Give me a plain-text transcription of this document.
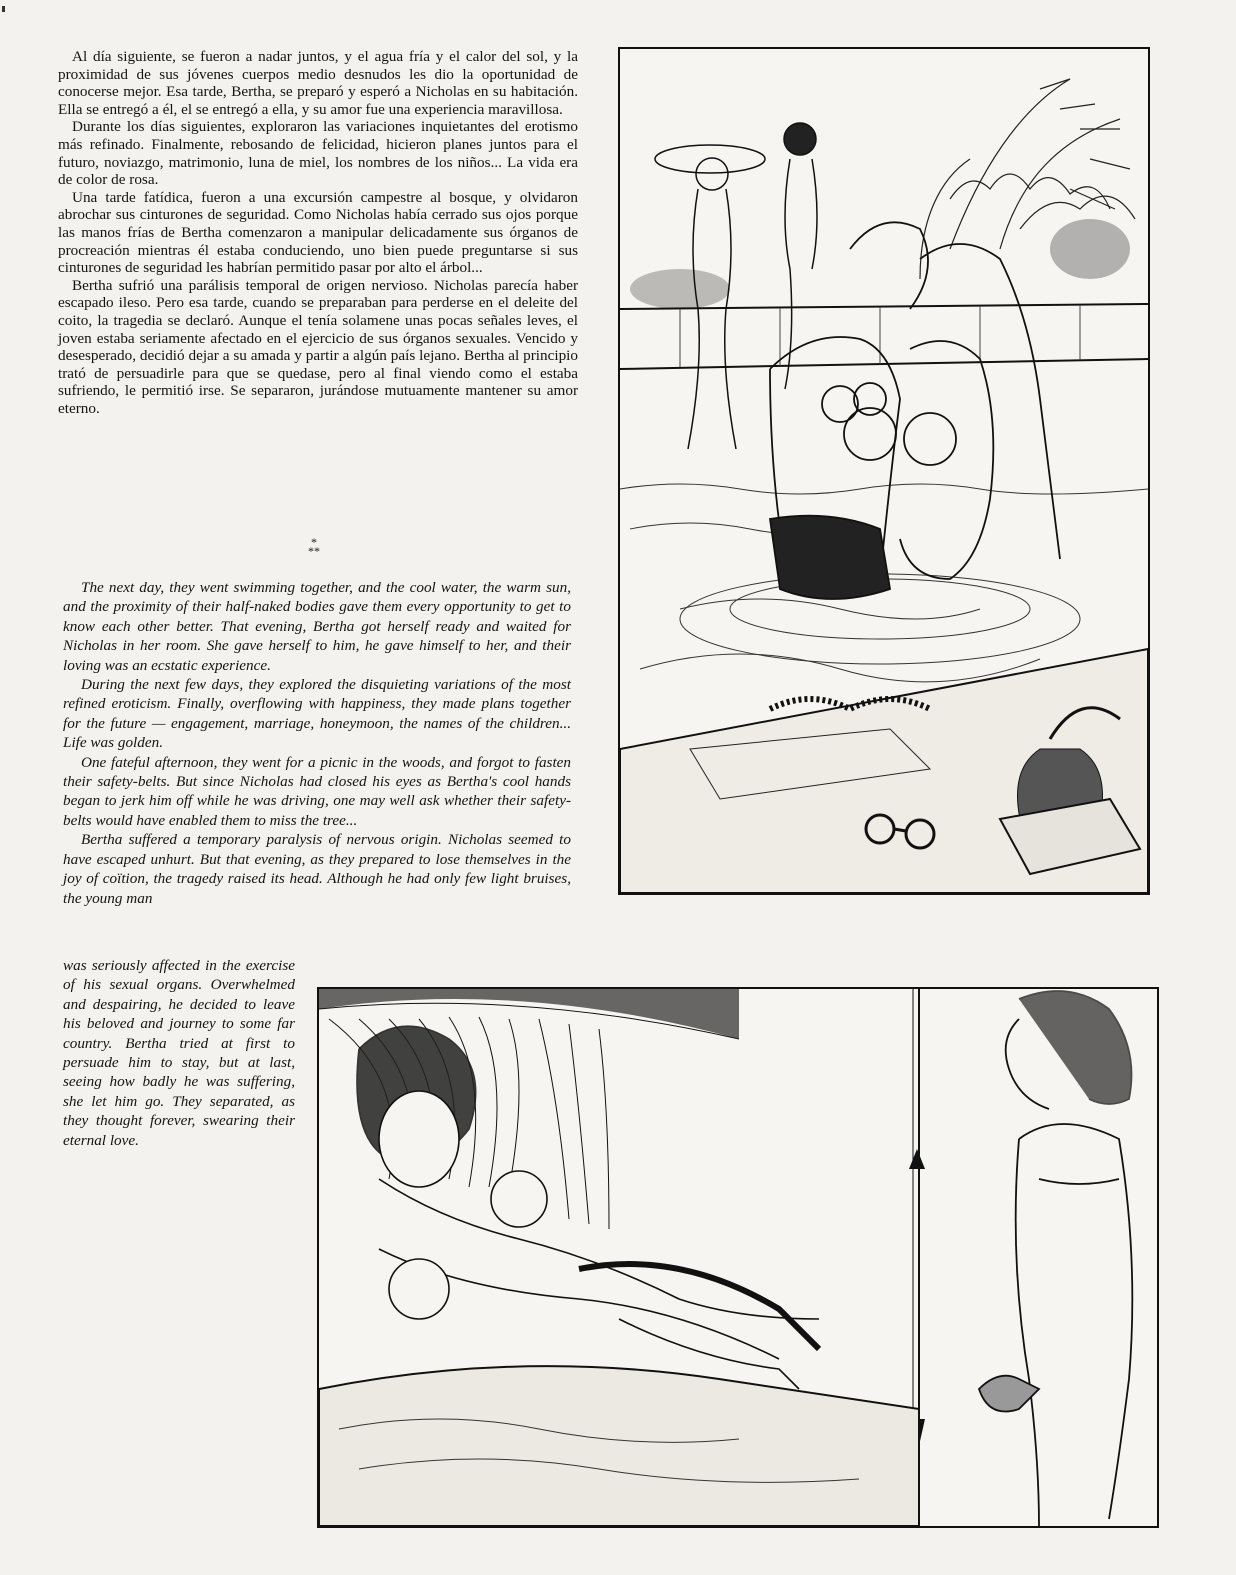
Al día siguiente, se fueron a nadar juntos, y el agua fría y el calor del sol, y la proximidad de sus jóvenes cuerpos medio desnudos les dio la oportunidad de conocerse mejor. Esa tarde, Bertha, se preparó y esperó a Nicholas en su habitación. Ella se entregó a él, el se entregó a ella, y su amor fue una experiencia maravillosa.

Durante los días siguientes, exploraron las variaciones inquietantes del erotismo más refinado. Finalmente, rebosando de felicidad, hicieron planes juntos para el futuro, noviazgo, matrimonio, luna de miel, los nombres de los niños... La vida era de color de rosa.

Una tarde fatídica, fueron a una excursión campestre al bosque, y olvidaron abrochar sus cinturones de seguridad. Como Nicholas había cerrado sus ojos porque las manos frías de Bertha comenzaron a manipular delicadamente sus órganos de procreación mientras él estaba conduciendo, uno bien puede preguntarse si sus cinturones de seguridad les habrían permitido pasar por alto el árbol...

Bertha sufrió una parálisis temporal de origen nervioso. Nicholas parecía haber escapado ileso. Pero esa tarde, cuando se preparaban para perderse en el deleite del coito, la tragedia se declaró. Aunque el tenía solamene unas pocas señales leves, el joven estaba seriamente afectado en el ejercicio de sus órganos sexuales. Vencido y desesperado, decidió dejar a su amada y partir a algún país lejano. Bertha al principio trató de persuadirle para que se quedase, pero al final viendo como el estaba sufriendo, le permitió irse. Se separaron, jurándose mutuamente mantener su amor eterno.

* **

The next day, they went swimming together, and the cool water, the warm sun, and the proximity of their half-naked bodies gave them every opportunity to get to know each other better. That evening, Bertha got herself ready and waited for Nicholas in her room. She gave herself to him, he gave himself to her, and their loving was an ecstatic experience.

During the next few days, they explored the disquieting variations of the most refined eroticism. Finally, overflowing with happiness, they made plans together for the future — engagement, marriage, honeymoon, the names of the children... Life was golden.

One fateful afternoon, they went for a picnic in the woods, and forgot to fasten their safety-belts. But since Nicholas had closed his eyes as Bertha's cool hands began to jerk him off while he was driving, one may well ask whether their safety-belts would have enabled them to miss the tree...

Bertha suffered a temporary paralysis of nervous origin. Nicholas seemed to have escaped unhurt. But that evening, as they prepared to lose themselves in the joy of coïtion, the tragedy raised its head. Although he had only few light bruises, the young man

was seriously affected in the exercise of his sexual organs. Overwhelmed and despairing, he decided to leave his beloved and journey to some far country. Bertha tried at first to persuade him to stay, but at last, seeing how badly he was suffering, she let him go. They separated, as they thought forever, swearing their eternal love.
